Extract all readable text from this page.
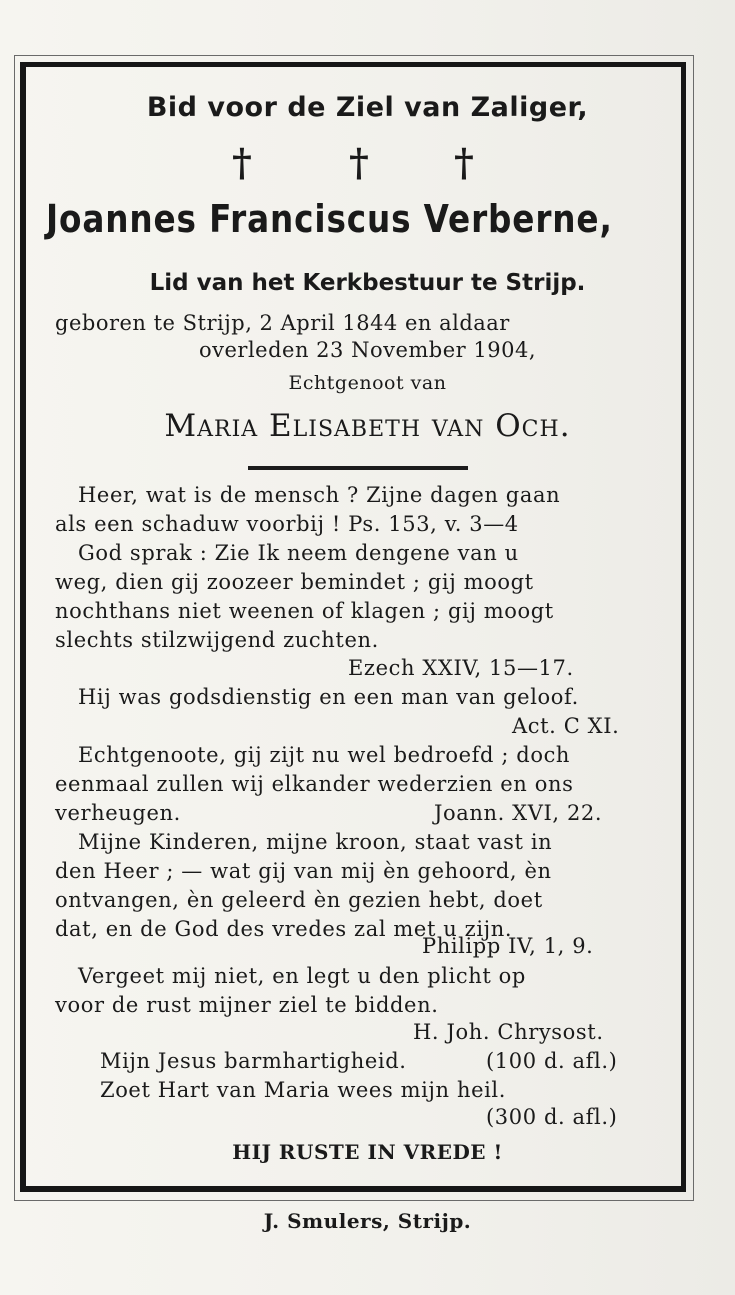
Bid voor de Ziel van Zaliger,
†	† †
Joannes Franciscus Verberne,
Lid van het Kerkbestuur te Strijp.
geboren te Strijp, 2 April 1844 en aldaar
overleden 23 November 1904,
Echtgenoot van
Maria Elisabeth van Och.
Heer, wat is de mensch ? Zijne dagen gaan
als een schaduw voorbij ! Ps. 153, v. 3—4
God sprak : Zie Ik neem dengene van u
weg, dien gij zoozeer bemindet ; gij moogt
nochthans niet weenen of klagen ; gij moogt
slechts stilzwijgend zuchten.
Ezech XXIV, 15—17.
Hij was godsdienstig en een man van geloof.
Act. C XI.
Echtgenoote, gij zijt nu wel bedroefd ; doch
eenmaal zullen wij elkander wederzien en ons
verheugen.	Joann. XVI, 22.
Mijne Kinderen, mijne kroon, staat vast in
den Heer ; — wat gij van mij èn gehoord, èn
ontvangen, èn geleerd èn gezien hebt, doet
dat, en de God des vredes zal met u zijn.
Philipp IV, 1, 9.
Vergeet mij niet, en legt u den plicht op
voor de rust mijner ziel te bidden.
H. Joh. Chrysost.
Mijn Jesus barmhartigheid.	(100 d. afl.)
Zoet Hart van Maria wees mijn heil.
(300 d. afl.)
HIJ RUSTE IN VREDE !
J. Smulers, Strijp.
